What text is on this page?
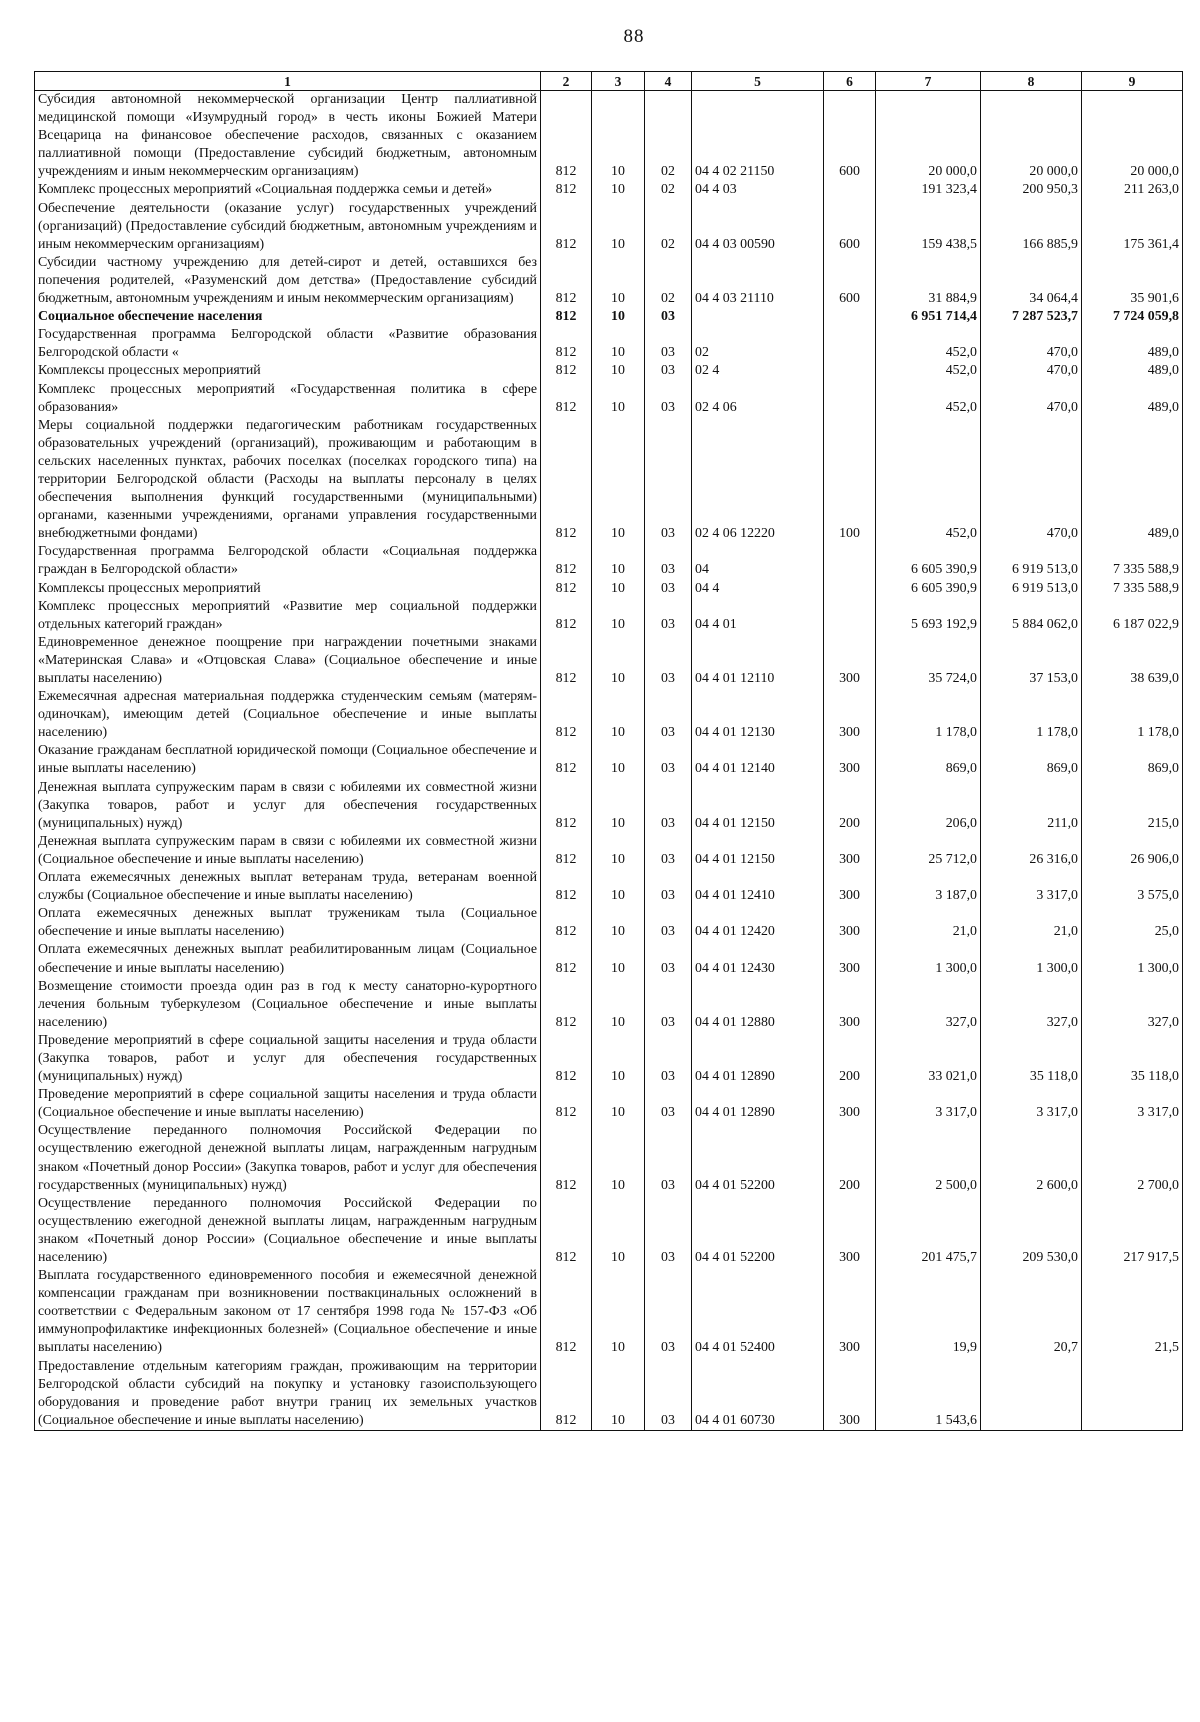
88
1	2	3	4	5	6	7	8	9
Субсидия автономной некоммерческой организации Центр паллиативной медицинской помощи «Изумрудный город» в честь иконы Божией Матери Всецарица на финансовое обеспечение расходов, связанных с оказанием паллиативной помощи (Предоставление субсидий бюджетным, автономным учреждениям и иным некоммерческим организациям)	812	10	02	04 4 02 21150	600	20 000,0	20 000,0	20 000,0
Комплекс процессных мероприятий «Социальная поддержка семьи и детей»	812	10	02	04 4 03		191 323,4	200 950,3	211 263,0
Обеспечение деятельности (оказание услуг) государственных учреждений (организаций) (Предоставление субсидий бюджетным, автономным учреждениям и иным некоммерческим организациям)	812	10	02	04 4 03 00590	600	159 438,5	166 885,9	175 361,4
Субсидии частному учреждению для детей-сирот и детей, оставшихся без попечения родителей, «Разуменский дом детства» (Предоставление субсидий бюджетным, автономным учреждениям и иным некоммерческим организациям)	812	10	02	04 4 03 21110	600	31 884,9	34 064,4	35 901,6
Социальное обеспечение населения	812	10	03			6 951 714,4	7 287 523,7	7 724 059,8
Государственная программа Белгородской области «Развитие образования Белгородской области «	812	10	03	02		452,0	470,0	489,0
Комплексы процессных мероприятий	812	10	03	02 4		452,0	470,0	489,0
Комплекс процессных мероприятий «Государственная политика в сфере образования»	812	10	03	02 4 06		452,0	470,0	489,0
Меры социальной поддержки педагогическим работникам государственных образовательных учреждений (организаций), проживающим и работающим в сельских населенных пунктах, рабочих поселках (поселках городского типа) на территории Белгородской области (Расходы на выплаты персоналу в целях обеспечения выполнения функций государственными (муниципальными) органами, казенными учреждениями, органами управления государственными внебюджетными фондами)	812	10	03	02 4 06 12220	100	452,0	470,0	489,0
Государственная программа Белгородской области «Социальная поддержка граждан в Белгородской области»	812	10	03	04		6 605 390,9	6 919 513,0	7 335 588,9
Комплексы процессных мероприятий	812	10	03	04 4		6 605 390,9	6 919 513,0	7 335 588,9
Комплекс процессных мероприятий «Развитие мер социальной поддержки отдельных категорий граждан»	812	10	03	04 4 01		5 693 192,9	5 884 062,0	6 187 022,9
Единовременное денежное поощрение при награждении почетными знаками «Материнская Слава» и «Отцовская Слава» (Социальное обеспечение и иные выплаты населению)	812	10	03	04 4 01 12110	300	35 724,0	37 153,0	38 639,0
Ежемесячная адресная материальная поддержка студенческим семьям (матерям-одиночкам), имеющим детей (Социальное обеспечение и иные выплаты населению)	812	10	03	04 4 01 12130	300	1 178,0	1 178,0	1 178,0
Оказание гражданам бесплатной юридической помощи (Социальное обеспечение и иные выплаты населению)	812	10	03	04 4 01 12140	300	869,0	869,0	869,0
Денежная выплата супружеским парам в связи с юбилеями их совместной жизни (Закупка товаров, работ и услуг для обеспечения государственных (муниципальных) нужд)	812	10	03	04 4 01 12150	200	206,0	211,0	215,0
Денежная выплата супружеским парам в связи с юбилеями их совместной жизни (Социальное обеспечение и иные выплаты населению)	812	10	03	04 4 01 12150	300	25 712,0	26 316,0	26 906,0
Оплата ежемесячных денежных выплат ветеранам труда, ветеранам военной службы (Социальное обеспечение и иные выплаты населению)	812	10	03	04 4 01 12410	300	3 187,0	3 317,0	3 575,0
Оплата ежемесячных денежных выплат труженикам тыла (Социальное обеспечение и иные выплаты населению)	812	10	03	04 4 01 12420	300	21,0	21,0	25,0
Оплата ежемесячных денежных выплат реабилитированным лицам (Социальное обеспечение и иные выплаты населению)	812	10	03	04 4 01 12430	300	1 300,0	1 300,0	1 300,0
Возмещение стоимости проезда один раз в год к месту санаторно-курортного лечения больным туберкулезом (Социальное обеспечение и иные выплаты населению)	812	10	03	04 4 01 12880	300	327,0	327,0	327,0
Проведение мероприятий в сфере социальной защиты населения и труда области (Закупка товаров, работ и услуг для обеспечения государственных (муниципальных) нужд)	812	10	03	04 4 01 12890	200	33 021,0	35 118,0	35 118,0
Проведение мероприятий в сфере социальной защиты населения и труда области (Социальное обеспечение и иные выплаты населению)	812	10	03	04 4 01 12890	300	3 317,0	3 317,0	3 317,0
Осуществление переданного полномочия Российской Федерации по осуществлению ежегодной денежной выплаты лицам, награжденным нагрудным знаком «Почетный донор России» (Закупка товаров, работ и услуг для обеспечения государственных (муниципальных) нужд)	812	10	03	04 4 01 52200	200	2 500,0	2 600,0	2 700,0
Осуществление переданного полномочия Российской Федерации по осуществлению ежегодной денежной выплаты лицам, награжденным нагрудным знаком «Почетный донор России» (Социальное обеспечение и иные выплаты населению)	812	10	03	04 4 01 52200	300	201 475,7	209 530,0	217 917,5
Выплата государственного единовременного пособия и ежемесячной денежной компенсации гражданам при возникновении поствакцинальных осложнений в соответствии с Федеральным законом от 17 сентября 1998 года № 157-ФЗ «Об иммунопрофилактике инфекционных болезней» (Социальное обеспечение и иные выплаты населению)	812	10	03	04 4 01 52400	300	19,9	20,7	21,5
Предоставление отдельным категориям граждан, проживающим на территории Белгородской области субсидий на покупку и установку газоиспользующего оборудования и проведение работ внутри границ их земельных участков (Социальное обеспечение и иные выплаты населению)	812	10	03	04 4 01 60730	300	1 543,6		
